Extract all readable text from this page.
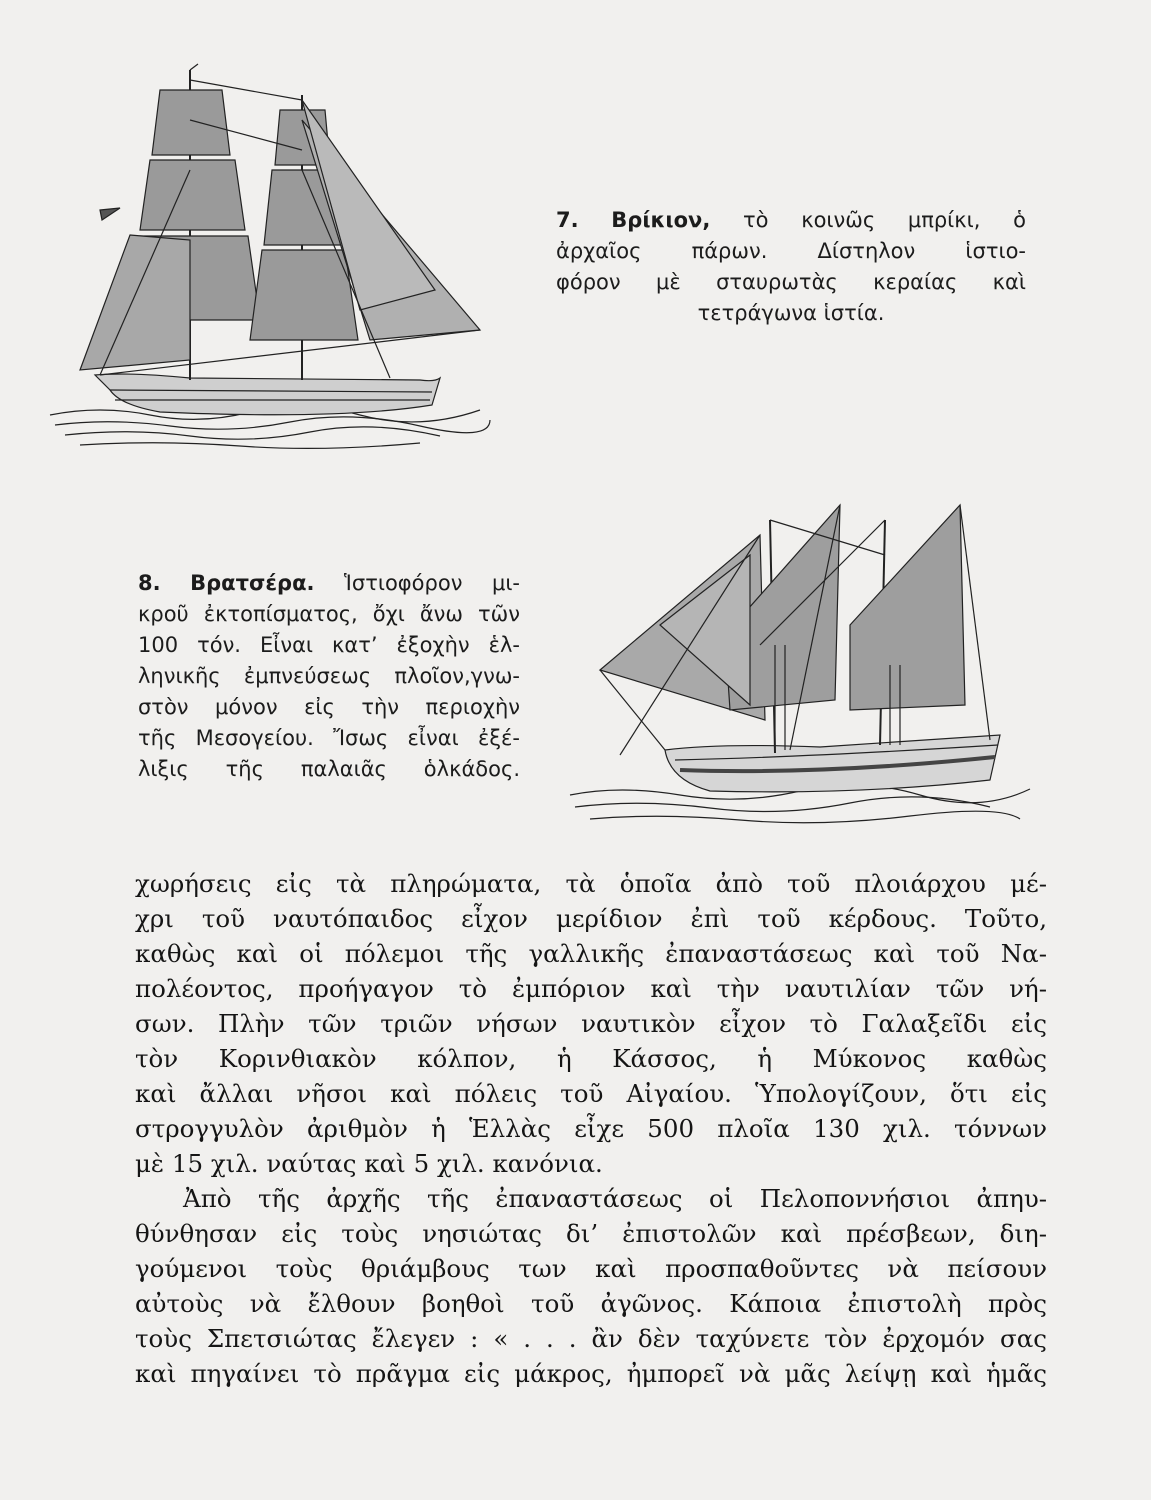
7. Βρίκιον, τὸ κοινῶς μπρίκι, ὁ
ἀρχαῖος πάρων. Δίστηλον ἱστιο-
φόρον μὲ σταυρωτὰς κεραίας καὶ
τετράγωνα ἱστία.
8. Βρατσέρα. Ἱστιοφόρον μι-
κροῦ ἐκτοπίσματος, ὄχι ἄνω τῶν
100 τόν. Εἶναι κατ’ ἐξοχὴν ἑλ-
ληνικῆς ἐμπνεύσεως πλοῖον,γνω-
στὸν μόνον εἰς τὴν περιοχὴν
τῆς Μεσογείου. Ἴσως εἶναι ἐξέ-
λιξις τῆς παλαιᾶς ὁλκάδος.
χωρήσεις εἰς τὰ πληρώματα, τὰ ὁποῖα ἀπὸ τοῦ πλοιάρχου μέ-
χρι τοῦ ναυτόπαιδος εἶχον μερίδιον ἐπὶ τοῦ κέρδους. Τοῦτο,
καθὼς καὶ οἱ πόλεμοι τῆς γαλλικῆς ἐπαναστάσεως καὶ τοῦ Να-
πολέοντος, προήγαγον τὸ ἐμπόριον καὶ τὴν ναυτιλίαν τῶν νή-
σων. Πλὴν τῶν τριῶν νήσων ναυτικὸν εἶχον τὸ Γαλαξεῖδι εἰς
τὸν Κορινθιακὸν κόλπον, ἡ Κάσσος, ἡ Μύκονος καθὼς
καὶ ἄλλαι νῆσοι καὶ πόλεις τοῦ Αἰγαίου. Ὑπολογίζουν, ὅτι εἰς
στρογγυλὸν ἀριθμὸν ἡ Ἑλλὰς εἶχε 500 πλοῖα 130 χιλ. τόννων
μὲ 15 χιλ. ναύτας καὶ 5 χιλ. κανόνια.
Ἀπὸ τῆς ἀρχῆς τῆς ἐπαναστάσεως οἱ Πελοποννήσιοι ἀπηυ-
θύνθησαν εἰς τοὺς νησιώτας δι’ ἐπιστολῶν καὶ πρέσβεων, διη-
γούμενοι τοὺς θριάμβους των καὶ προσπαθοῦντες νὰ πείσουν
αὐτοὺς νὰ ἔλθουν βοηθοὶ τοῦ ἀγῶνος. Κάποια ἐπιστολὴ πρὸς
τοὺς Σπετσιώτας ἔλεγεν : « . . . ἂν δὲν ταχύνετε τὸν ἐρχομόν σας
καὶ πηγαίνει τὸ πρᾶγμα εἰς μάκρος, ἠμπορεῖ νὰ μᾶς λείψῃ καὶ ἡμᾶς
